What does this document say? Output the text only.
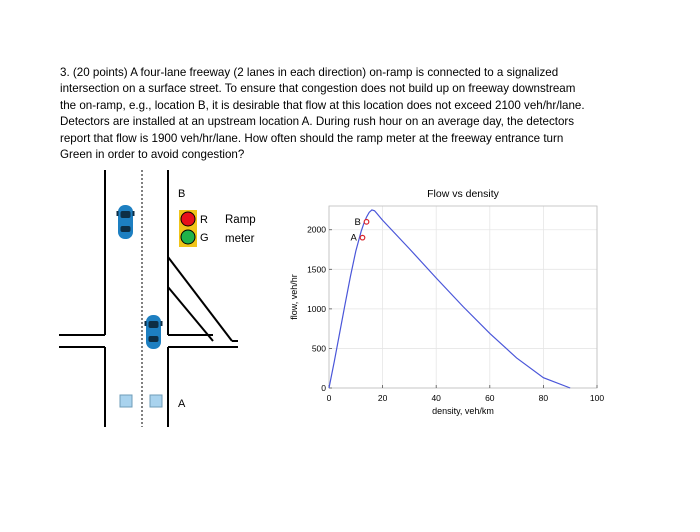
3. (20 points) A four-lane freeway (2 lanes in each direction) on-ramp is connected to a signalized
intersection on a surface street. To ensure that congestion does not build up on freeway downstream
the on-ramp, e.g., location B, it is desirable that flow at this location does not exceed 2100 veh/hr/lane.
Detectors are installed at an upstream location A. During rush hour on an average day, the detectors
report that flow is 1900 veh/hr/lane. How often should the ramp meter at the freeway entrance turn
Green in order to avoid congestion?
R
G
Ramp
meter
B
A
Flow vs density
0	20	40	60	80	100
0
500
1000
1500
2000
A
B
density, veh/km
flow, veh/hr
